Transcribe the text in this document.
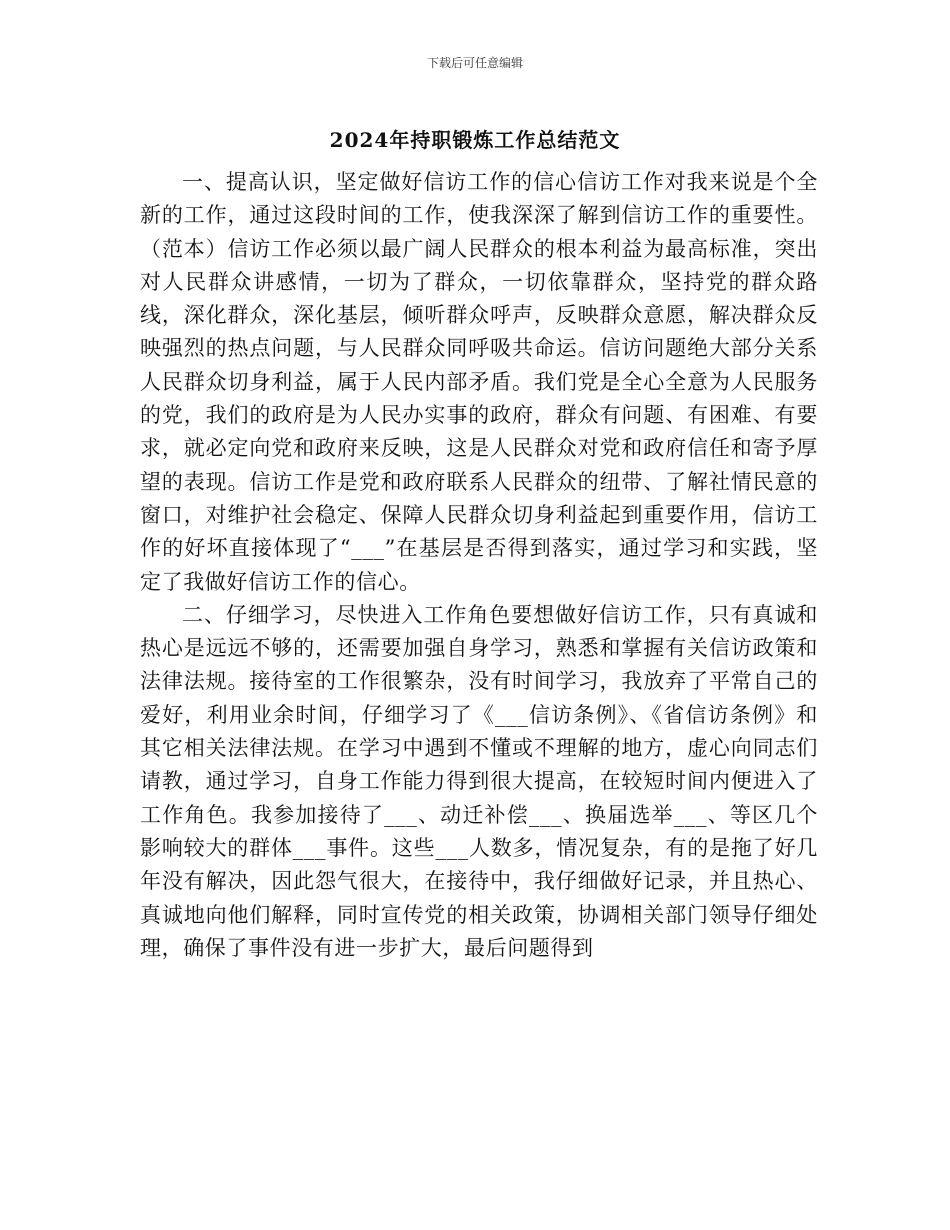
下载后可任意编辑
2024年持职锻炼工作总结范文

一、提高认识，坚定做好信访工作的信心信访工作对我来说是个全新的工作，通过这段时间的工作，使我深深了解到信访工作的重要性。（范本）信访工作必须以最广阔人民群众的根本利益为最高标准，突出对人民群众讲感情，一切为了群众，一切依靠群众，坚持党的群众路线，深化群众，深化基层，倾听群众呼声，反映群众意愿，解决群众反映强烈的热点问题，与人民群众同呼吸共命运。信访问题绝大部分关系人民群众切身利益，属于人民内部矛盾。我们党是全心全意为人民服务的党，我们的政府是为人民办实事的政府，群众有问题、有困难、有要求，就必定向党和政府来反映，这是人民群众对党和政府信任和寄予厚望的表现。信访工作是党和政府联系人民群众的纽带、了解社情民意的窗口，对维护社会稳定、保障人民群众切身利益起到重要作用，信访工作的好坏直接体现了“___”在基层是否得到落实，通过学习和实践，坚定了我做好信访工作的信心。

二、仔细学习，尽快进入工作角色要想做好信访工作，只有真诚和热心是远远不够的，还需要加强自身学习，熟悉和掌握有关信访政策和法律法规。接待室的工作很繁杂，没有时间学习，我放弃了平常自己的爱好，利用业余时间，仔细学习了《___信访条例》、《省信访条例》和其它相关法律法规。在学习中遇到不懂或不理解的地方，虚心向同志们请教，通过学习，自身工作能力得到很大提高，在较短时间内便进入了工作角色。我参加接待了___、动迁补偿___、换届选举___、等区几个影响较大的群体___事件。这些___人数多，情况复杂，有的是拖了好几年没有解决，因此怨气很大，在接待中，我仔细做好记录，并且热心、真诚地向他们解释，同时宣传党的相关政策，协调相关部门领导仔细处理，确保了事件没有进一步扩大，最后问题得到
